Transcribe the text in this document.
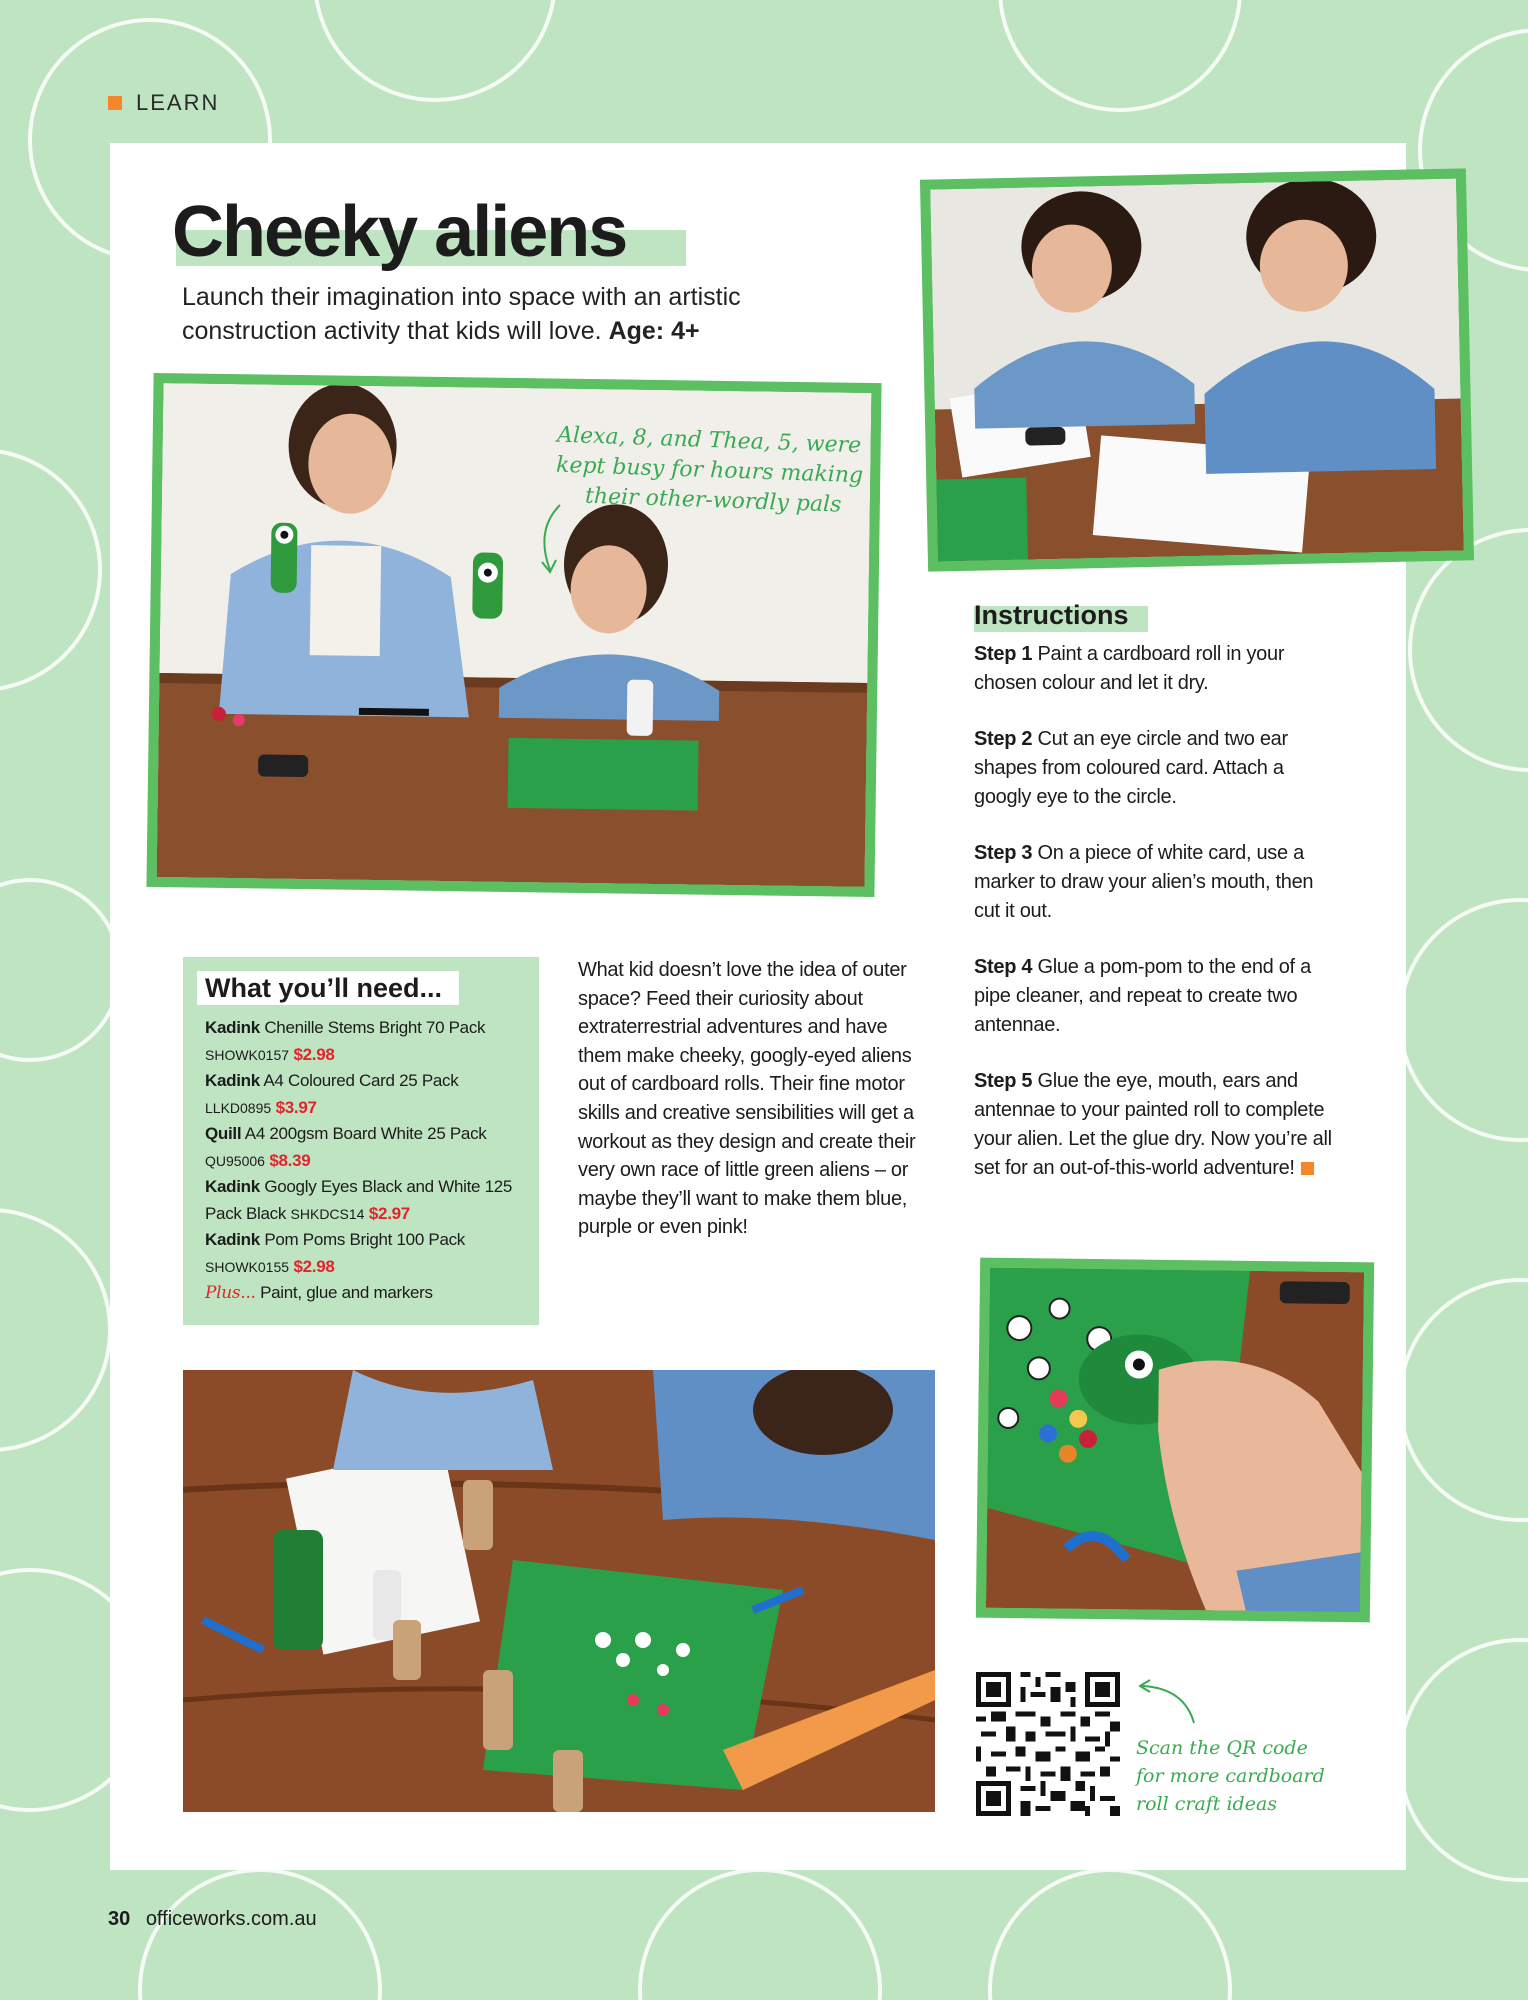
LEARN
Cheeky aliens
Launch their imagination into space with an artistic construction activity that kids will love. Age: 4+
Alexa, 8, and Thea, 5, were
kept busy for hours making
their other-wordly pals
What you’ll need...
Kadink Chenille Stems Bright 70 Pack SHOWK0157 $2.98
Kadink A4 Coloured Card 25 Pack LLKD0895 $3.97
Quill A4 200gsm Board White 25 Pack QU95006 $8.39
Kadink Googly Eyes Black and White 125 Pack Black SHKDCS14 $2.97
Kadink Pom Poms Bright 100 Pack SHOWK0155 $2.98
Plus... Paint, glue and markers
What kid doesn’t love the idea of outer space? Feed their curiosity about extraterrestrial adventures and have them make cheeky, googly-eyed aliens out of cardboard rolls. Their fine motor skills and creative sensibilities will get a workout as they design and create their very own race of little green aliens – or maybe they’ll want to make them blue, purple or even pink!
Instructions
Step 1 Paint a cardboard roll in your chosen colour and let it dry.
Step 2 Cut an eye circle and two ear shapes from coloured card. Attach a googly eye to the circle.
Step 3 On a piece of white card, use a marker to draw your alien’s mouth, then cut it out.
Step 4 Glue a pom-pom to the end of a pipe cleaner, and repeat to create two antennae.
Step 5 Glue the eye, mouth, ears and antennae to your painted roll to complete your alien. Let the glue dry. Now you’re all set for an out-of-this-world adventure!
Scan the QR code
for more cardboard
roll craft ideas
30 officeworks.com.au
